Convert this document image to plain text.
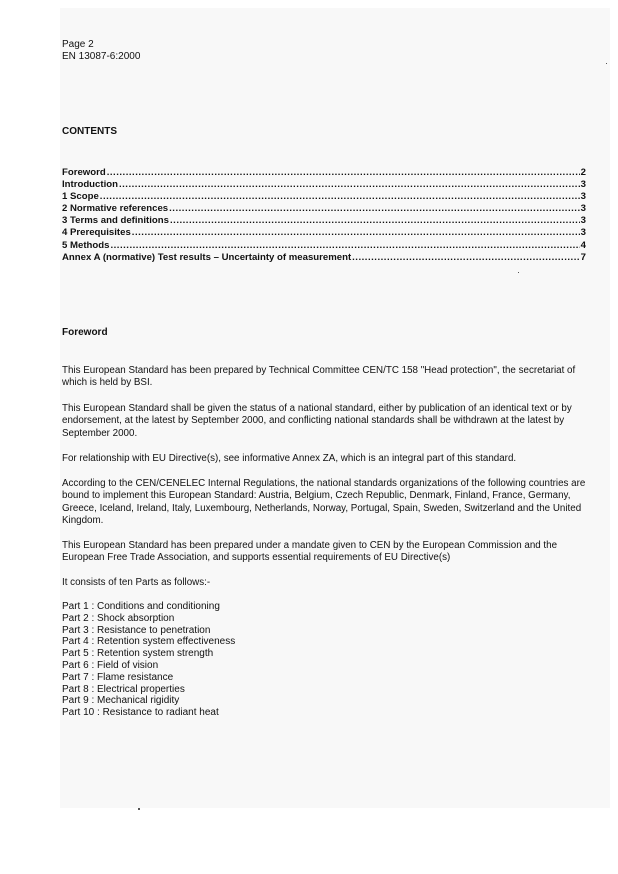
Page 2
EN 13087-6:2000
CONTENTS
Foreword .....	2
Introduction .....	3
1 Scope .....	3
2 Normative references .....	3
3 Terms and definitions .....	3
4 Prerequisites .....	3
5 Methods .....	4
Annex A (normative) Test results – Uncertainty of measurement .....	7
Foreword
This European Standard has been prepared by Technical Committee CEN/TC 158 "Head protection", the secretariat of which is held by BSI.
This European Standard shall be given the status of a national standard, either by publication of an identical text or by endorsement, at the latest by September 2000, and conflicting national standards shall be withdrawn at the latest by September 2000.
For relationship with EU Directive(s), see informative Annex ZA, which is an integral part of this standard.
According to the CEN/CENELEC Internal Regulations, the national standards organizations of the following countries are bound to implement this European Standard: Austria, Belgium, Czech Republic, Denmark, Finland, France, Germany, Greece, Iceland, Ireland, Italy, Luxembourg, Netherlands, Norway, Portugal, Spain, Sweden, Switzerland and the United Kingdom.
This European Standard has been prepared under a mandate given to CEN by the European Commission and the European Free Trade Association, and supports essential requirements of EU Directive(s)
It consists of ten Parts as follows:-
Part 1 : Conditions and conditioning
Part 2 : Shock absorption
Part 3 : Resistance to penetration
Part 4 : Retention system effectiveness
Part 5 : Retention system strength
Part 6 : Field of vision
Part 7 : Flame resistance
Part 8 : Electrical properties
Part 9 : Mechanical rigidity
Part 10 : Resistance to radiant heat
